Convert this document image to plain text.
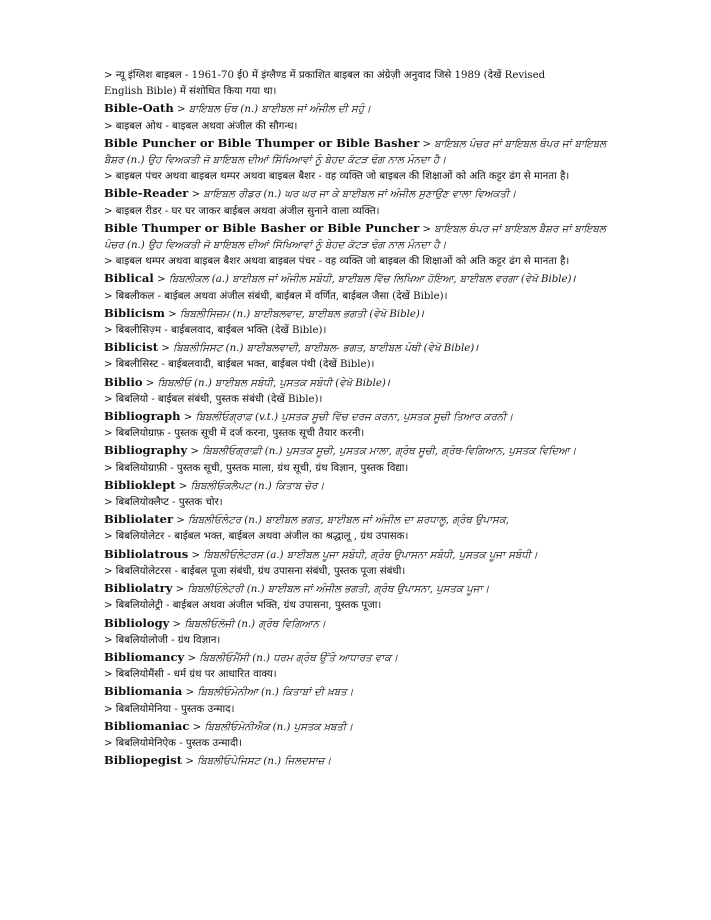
> न्यू इंग्लिश बाइबल - 1961-70 ई0 में इंग्लैण्ड में प्रकाशित बाइबल का अंग्रेज़ी अनुवाद जिसे 1989 (देखें Revised

English Bible) में संशोधित किया गया था।

Bible-Oath > ਬਾਇਬਲ ਓਥ (n.) ਬਾਈਬਲ ਜਾਂ ਅੰਜੀਲ ਦੀ ਸਹੁੰ।

> बाइबल ओथ - बाइबल अथवा अंजील की सौगन्ध।

Bible Puncher or Bible Thumper or Bible Basher > ਬਾਇਬਲ ਪੰਚਰ ਜਾਂ ਬਾਇਬਲ ਥੰਪਰ ਜਾਂ ਬਾਇਬਲ ਬੈਸ਼ਰ (n.) ਉਹ ਵਿਅਕਤੀ ਜੋ ਬਾਇਬਲ ਦੀਆਂ ਸਿੱਖਿਆਵਾਂ ਨੂੰ ਬੇਹਦ ਕੱਟੜ ਢੰਗ ਨਾਲ ਮੰਨਦਾ ਹੈ।

> बाइबल पंचर अथवा बाइबल थम्पर अथवा बाइबल बैशर - वह व्यक्ति जो बाइबल की शिक्षाओं को अति कट्टर ढंग से मानता है।

Bible-Reader > ਬਾਇਬਲ ਰੀਡਰ (n.) ਘਰ ਘਰ ਜਾ ਕੇ ਬਾਈਬਲ ਜਾਂ ਅੰਜੀਲ ਸੁਣਾਉਣ ਵਾਲਾ ਵਿਅਕਤੀ।

> बाइबल रीडर - घर घर जाकर बाईबल अथवा अंजील सुनाने वाला व्यक्ति।

Bible Thumper or Bible Basher or Bible Puncher > ਬਾਇਬਲ ਥੰਪਰ ਜਾਂ ਬਾਇਬਲ ਬੈਸ਼ਰ ਜਾਂ ਬਾਇਬਲ ਪੰਚਰ (n.) ਉਹ ਵਿਅਕਤੀ ਜੋ ਬਾਇਬਲ ਦੀਆਂ ਸਿੱਖਿਆਵਾਂ ਨੂੰ ਬੇਹਦ ਕੱਟੜ ਢੰਗ ਨਾਲ ਮੰਨਦਾ ਹੈ।

> बाइबल थम्पर अथवा बाइबल बैशर अथवा बाइबल पंचर - वह व्यक्ति जो बाइबल की शिक्षाओं को अति कट्टर ढंग से मानता है।

Biblical > ਬਿਬਲੀਕਲ (a.) ਬਾਈਬਲ ਜਾਂ ਅੰਜੀਲ ਸਬੰਧੀ, ਬਾਈਬਲ ਵਿੱਚ ਲਿਖਿਆ ਹੋਇਆ, ਬਾਈਬਲ ਵਰਗਾ (ਵੇਖੋ Bible)।

> बिबलीकल - बाईबल अथवा अंजील संबंधी, बाईबल में वर्णित, बाईबल जैसा (देखें Bible)।

Biblicism > ਬਿਬਲੀਸਿਜ਼ਮ (n.) ਬਾਈਬਲਵਾਦ, ਬਾਈਬਲ ਭਗਤੀ (ਵੇਖੋ Bible)।

> बिबलीसिज़्म - बाईबलवाद, बाईबल भक्ति (देखें Bible)।

Biblicist > ਬਿਬਲੀਸਿਸਟ (n.) ਬਾਈਬਲਵਾਦੀ, ਬਾਈਬਲ- ਭਗਤ, ਬਾਈਬਲ ਪੰਥੀ (ਵੇਖੋ Bible)।

> बिबलीसिस्ट - बाईबलवादी, बाईबल भक्त, बाईबल पंथी (देखें Bible)।

Biblio > ਬਿਬਲੀਓ (n.) ਬਾਈਬਲ ਸਬੰਧੀ, ਪੁਸਤਕ ਸਬੰਧੀ (ਵੇਖੋ Bible)।

> बिबलियो - बाईबल संबंधी, पुस्तक संबंधी (देखें Bible)।

Bibliograph > ਬਿਬਲੀਓਗ੍ਰਾਫ਼ (v.t.) ਪੁਸਤਕ ਸੂਚੀ ਵਿੱਚ ਦਰਜ ਕਰਨਾ, ਪੁਸਤਕ ਸੂਚੀ ਤਿਆਰ ਕਰਨੀ।

> बिबलियोग्राफ़ - पुस्तक सूची में दर्ज करना, पुस्तक सूची तैयार करनी।

Bibliography > ਬਿਬਲੀਓਗ੍ਰਾਫ਼ੀ (n.) ਪੁਸਤਕ ਸੂਚੀ, ਪੁਸਤਕ ਮਾਲਾ, ਗ੍ਰੰਥ ਸੂਚੀ, ਗ੍ਰੰਥ-ਵਿਗਿਆਨ, ਪੁਸਤਕ ਵਿਦਿਆ।

> बिबलियोग्राफ़ी - पुस्तक सूची, पुस्तक माला, ग्रंथ सूची, ग्रंथ विज्ञान, पुस्तक विद्या।

Biblioklept > ਬਿਬਲੀਓਕਲੈਪਟ (n.) ਕਿਤਾਬ ਚੋਰ।

> बिबलियोक्लैप्ट - पुस्तक चोर।

Bibliolater > ਬਿਬਲੀਓਲੇਟਰ (n.) ਬਾਈਬਲ ਭਗਤ, ਬਾਈਬਲ ਜਾਂ ਅੰਜੀਲ ਦਾ ਸ਼ਰਧਾਲੂ, ਗ੍ਰੰਥ ਉਪਾਸਕ,

> बिबलियोलेटर - बाईबल भक्त, बाईबल अथवा अंजील का श्रद्धालू , ग्रंथ उपासक।

Bibliolatrous > ਬਿਬਲੀਓਲੇਟਰਸ (a.) ਬਾਈਬਲ ਪੂਜਾ ਸਬੰਧੀ, ਗ੍ਰੰਥ ਉਪਾਸਨਾ ਸਬੰਧੀ, ਪੁਸਤਕ ਪੂਜਾ ਸਬੰਧੀ।

> बिबलियोलेटरस - बाईबल पूजा संबंधी, ग्रंथ उपासना संबंधी, पुस्तक पूजा संबंधी।

Bibliolatry > ਬਿਬਲੀਓਲੇਟਰੀ (n.) ਬਾਈਬਲ ਜਾਂ ਅੰਜੀਲ ਭਗਤੀ, ਗ੍ਰੰਥ ਉਪਾਸਨਾ, ਪੁਸਤਕ ਪੂਜਾ।

> बिबलियोलेट्री - बाईबल अथवा अंजील भक्ति, ग्रंथ उपासना, पुस्तक पूजा।

Bibliology > ਬਿਬਲੀਓਲੋਜੀ (n.) ਗ੍ਰੰਥ ਵਿਗਿਆਨ।

> बिबलियोलोजी - ग्रंथ विज्ञान।

Bibliomancy > ਬਿਬਲੀਓਮੈਂਸੀ (n.) ਧਰਮ ਗ੍ਰੰਥ ਉੱਤੇ ਆਧਾਰਤ ਵਾਕ।

> बिबलियोमैंसी - धर्म ग्रंथ पर आधारित वाक्य।

Bibliomania > ਬਿਬਲੀਓਮੇਨੀਆ (n.) ਕਿਤਾਬਾਂ ਦੀ ਖ਼ਬਤ।

> बिबलियोमेनिया - पुस्तक उन्माद।

Bibliomaniac > ਬਿਬਲੀਓਮੇਨੀਐਕ (n.) ਪੁਸਤਕ ਖ਼ਬਤੀ।

> बिबलियोमेनिऐक - पुस्तक उन्मादी।

Bibliopegist > ਬਿਬਲੀਓਪੇਜਿਸਟ (n.) ਜਿਲਦਸਾਜ਼।
